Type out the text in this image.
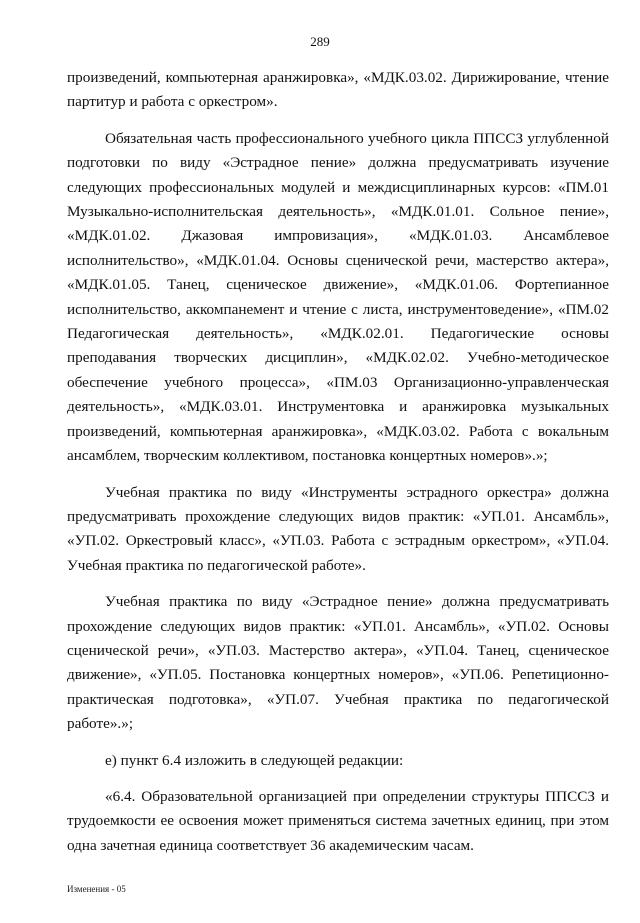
289

произведений, компьютерная аранжировка», «МДК.03.02. Дирижирование, чтение партитур и работа с оркестром».

Обязательная часть профессионального учебного цикла ППССЗ углубленной подготовки по виду «Эстрадное пение» должна предусматривать изучение следующих профессиональных модулей и междисциплинарных курсов: «ПМ.01 Музыкально-исполнительская деятельность», «МДК.01.01. Сольное пение», «МДК.01.02. Джазовая импровизация», «МДК.01.03. Ансамблевое исполнительство», «МДК.01.04. Основы сценической речи, мастерство актера», «МДК.01.05. Танец, сценическое движение», «МДК.01.06. Фортепианное исполнительство, аккомпанемент и чтение с листа, инструментоведение», «ПМ.02 Педагогическая деятельность», «МДК.02.01. Педагогические основы преподавания творческих дисциплин», «МДК.02.02. Учебно-методическое обеспечение учебного процесса», «ПМ.03 Организационно-управленческая деятельность», «МДК.03.01. Инструментовка и аранжировка музыкальных произведений, компьютерная аранжировка», «МДК.03.02. Работа с вокальным ансамблем, творческим коллективом, постановка концертных номеров».»;

Учебная практика по виду «Инструменты эстрадного оркестра» должна предусматривать прохождение следующих видов практик: «УП.01. Ансамбль», «УП.02. Оркестровый класс», «УП.03. Работа с эстрадным оркестром», «УП.04. Учебная практика по педагогической работе».

Учебная практика по виду «Эстрадное пение» должна предусматривать прохождение следующих видов практик: «УП.01. Ансамбль», «УП.02. Основы сценической речи», «УП.03. Мастерство актера», «УП.04. Танец, сценическое движение», «УП.05. Постановка концертных номеров», «УП.06. Репетиционно-практическая подготовка», «УП.07. Учебная практика по педагогической работе».»;

е) пункт 6.4 изложить в следующей редакции:

«6.4. Образовательной организацией при определении структуры ППССЗ и трудоемкости ее освоения может применяться система зачетных единиц, при этом одна зачетная единица соответствует 36 академическим часам.

Изменения - 05
